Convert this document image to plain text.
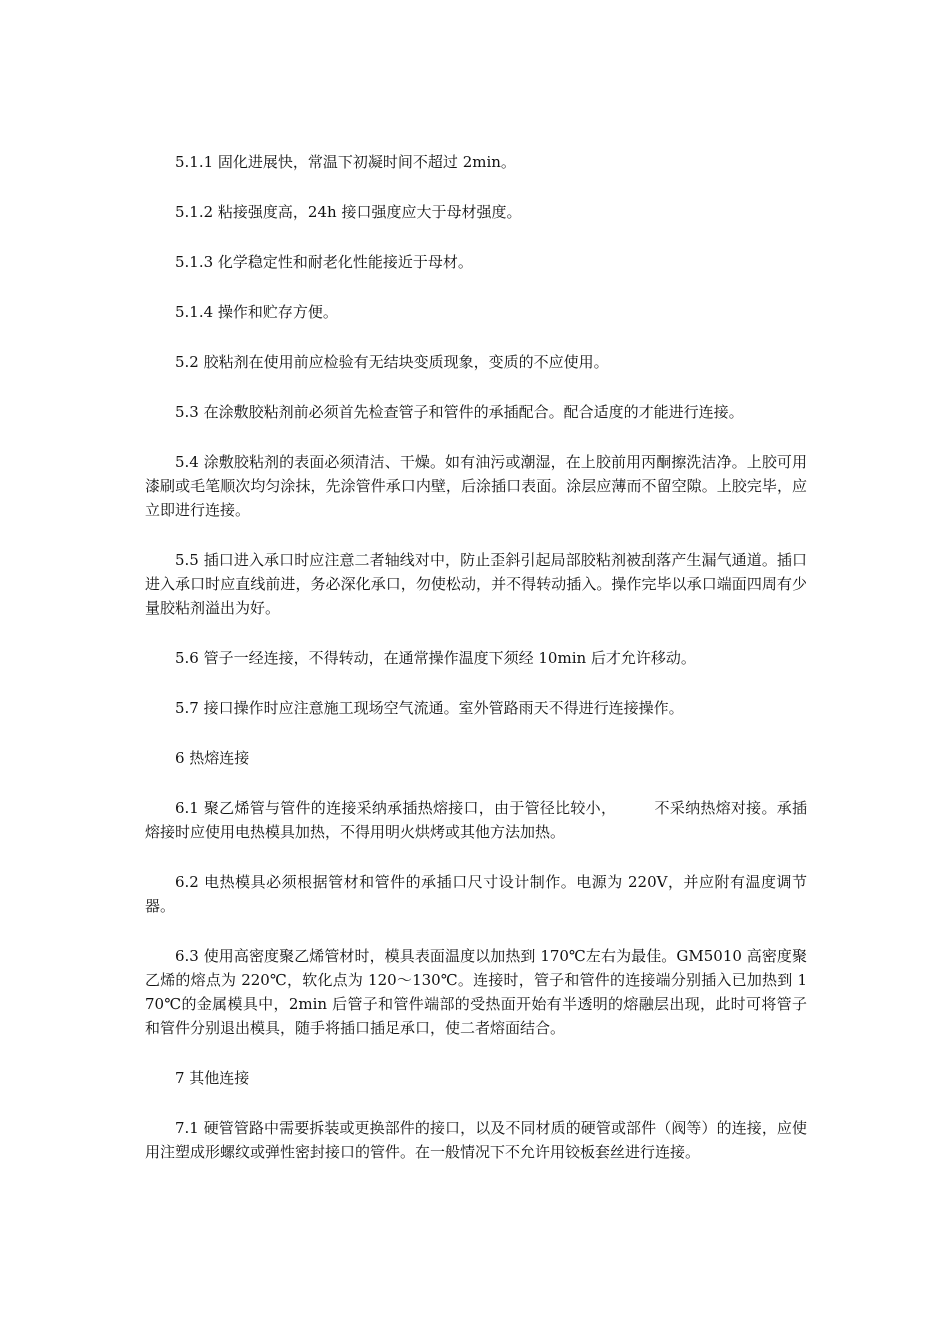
5.1.1 固化进展快，常温下初凝时间不超过 2min。

5.1.2 粘接强度高，24h 接口强度应大于母材强度。

5.1.3 化学稳定性和耐老化性能接近于母材。

5.1.4 操作和贮存方便。

5.2 胶粘剂在使用前应检验有无结块变质现象，变质的不应使用。

5.3 在涂敷胶粘剂前必须首先检查管子和管件的承插配合。配合适度的才能进行连接。

5.4 涂敷胶粘剂的表面必须清洁、干燥。如有油污或潮湿，在上胶前用丙酮擦洗洁净。上胶可用漆刷或毛笔顺次均匀涂抹，先涂管件承口内壁，后涂插口表面。涂层应薄而不留空隙。上胶完毕，应立即进行连接。

5.5 插口进入承口时应注意二者轴线对中，防止歪斜引起局部胶粘剂被刮落产生漏气通道。插口进入承口时应直线前进，务必深化承口，勿使松动，并不得转动插入。操作完毕以承口端面四周有少量胶粘剂溢出为好。

5.6 管子一经连接，不得转动，在通常操作温度下须经 10min 后才允许移动。

5.7 接口操作时应注意施工现场空气流通。室外管路雨天不得进行连接操作。

6 热熔连接

6.1 聚乙烯管与管件的连接采纳承插热熔接口，由于管径比较小，　　　不采纳热熔对接。承插熔接时应使用电热模具加热，不得用明火烘烤或其他方法加热。

6.2 电热模具必须根据管材和管件的承插口尺寸设计制作。电源为 220V，并应附有温度调节器。

6.3 使用高密度聚乙烯管材时，模具表面温度以加热到 170℃左右为最佳。GM5010 高密度聚乙烯的熔点为 220℃，软化点为 120～130℃。连接时，管子和管件的连接端分别插入已加热到 170℃的金属模具中，2min 后管子和管件端部的受热面开始有半透明的熔融层出现，此时可将管子和管件分别退出模具，随手将插口插足承口，使二者熔面结合。

7 其他连接

7.1 硬管管路中需要拆装或更换部件的接口，以及不同材质的硬管或部件（阀等）的连接，应使用注塑成形螺纹或弹性密封接口的管件。在一般情况下不允许用铰板套丝进行连接。
